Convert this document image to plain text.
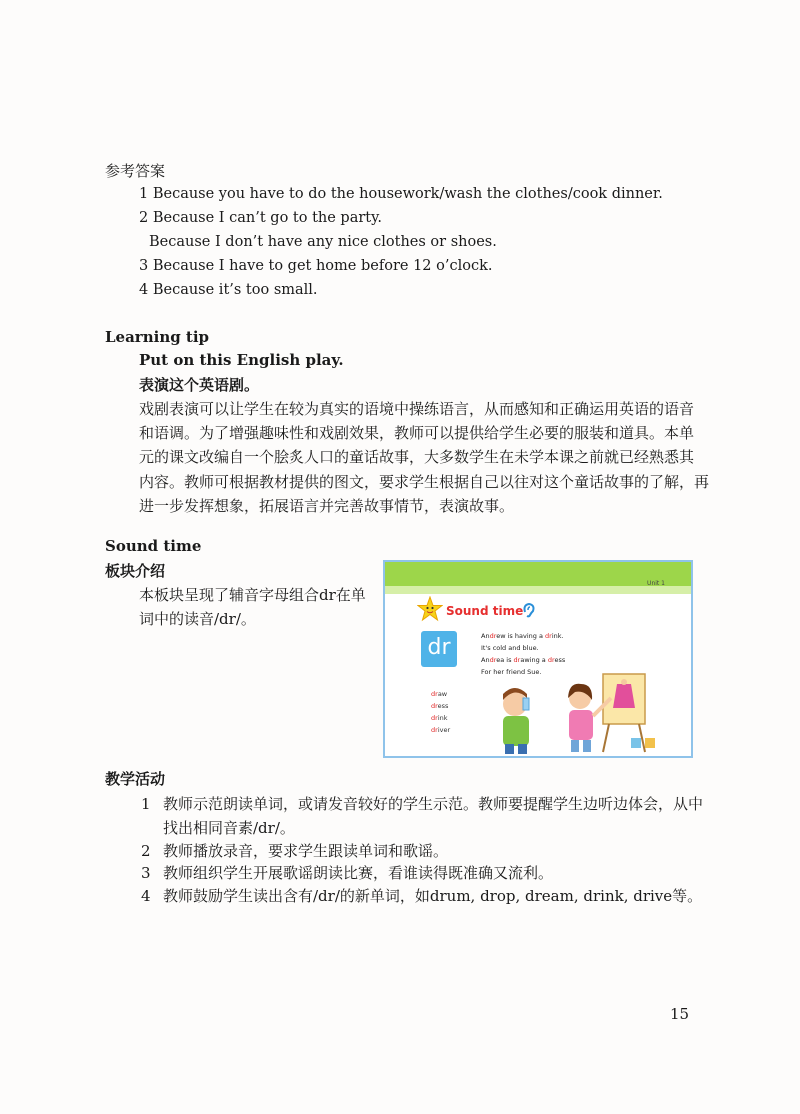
参考答案
1 Because you have to do the housework/wash the clothes/cook dinner.
2 Because I can’t go to the party.
Because I don’t have any nice clothes or shoes.
3 Because I have to get home before 12 o’clock.
4 Because it’s too small.
Learning tip
Put on this English play.
表演这个英语剧。
戏剧表演可以让学生在较为真实的语境中操练语言，从而感知和正确运用英语的语音
和语调。为了增强趣味性和戏剧效果，教师可以提供给学生必要的服装和道具。本单
元的课文改编自一个脍炙人口的童话故事，大多数学生在未学本课之前就已经熟悉其
内容。教师可根据教材提供的图文，要求学生根据自己以往对这个童话故事的了解，再
进一步发挥想象，拓展语言并完善故事情节，表演故事。
Sound time
板块介绍
本板块呈现了辅音字母组合dr在单
词中的读音/dr/。
Unit 1
Sound time
dr	Andrew is having a drink.
It's cold and blue.
Andrea is drawing a dress
For her friend Sue.
draw
dress
drink
driver
教学活动
1 教师示范朗读单词，或请发音较好的学生示范。教师要提醒学生边听边体会，从中
找出相同音素/dr/。
2 教师播放录音，要求学生跟读单词和歌谣。
3 教师组织学生开展歌谣朗读比赛，看谁读得既准确又流利。
4 教师鼓励学生读出含有/dr/的新单词，如drum, drop, dream, drink, drive等。
15
